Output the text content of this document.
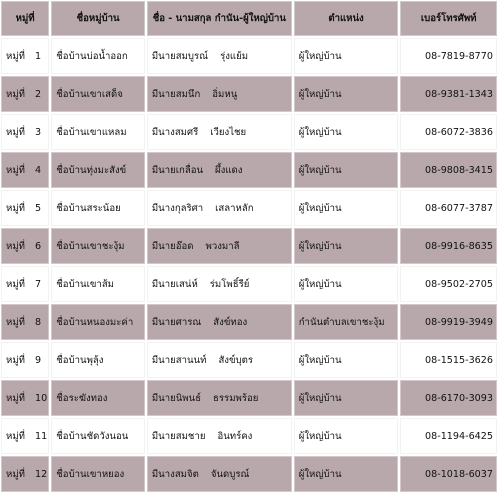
หมู่ที่	ชื่อหมู่บ้าน	ชื่อ - นามสกุล กำนัน-ผู้ใหญ่บ้าน	ตำแหน่ง	เบอร์โทรศัพท์
หมู่ที่ 1	ชื่อบ้านบ่อน้ำออก	มีนายสมบูรณ์ รุ่งแย้ม	ผู้ใหญ่บ้าน	08-7819-8770
หมู่ที่ 2	ชื่อบ้านเขาเสด็จ	มีนายสมนึก อิ่มหนู	ผู้ใหญ่บ้าน	08-9381-1343
หมู่ที่ 3	ชื่อบ้านเขาแหลม	มีนางสมศรี เวียงไชย	ผู้ใหญ่บ้าน	08-6072-3836
หมู่ที่ 4	ชื่อบ้านทุ่งมะสังข์	มีนายเกลื่อน ผึ้งแดง	ผู้ใหญ่บ้าน	08-9808-3415
หมู่ที่ 5	ชื่อบ้านสระน้อย	มีนางกุลริศา เสลาหลัก	ผู้ใหญ่บ้าน	08-6077-3787
หมู่ที่ 6	ชื่อบ้านเขาชะงุ้ม	มีนายอ๊อด พวงมาลี	ผู้ใหญ่บ้าน	08-9916-8635
หมู่ที่ 7	ชื่อบ้านเขาส้ม	มีนายเสน่ห์ ร่มโพธิ์รีย์	ผู้ใหญ่บ้าน	08-9502-2705
หมู่ที่ 8	ชื่อบ้านหนองมะค่า	มีนายศารณ สังข์ทอง	กำนันตำบลเขาชะงุ้ม	08-9919-3949
หมู่ที่ 9	ชื่อบ้านพุลุ้ง	มีนายสานนท์ สังข์บุตร	ผู้ใหญ่บ้าน	08-1515-3626
หมู่ที่ 10	ชื่อระฆังทอง	มีนายนิพนธ์ ธรรมพร้อย	ผู้ใหญ่บ้าน	08-6170-3093
หมู่ที่ 11	ชื่อบ้านชัดวังนอน	มีนายสมชาย อินทร์คง	ผู้ใหญ่บ้าน	08-1194-6425
หมู่ที่ 12	ชื่อบ้านเขาหยอง	มีนางสมจิต จันดบูรณ์	ผู้ใหญ่บ้าน	08-1018-6037
